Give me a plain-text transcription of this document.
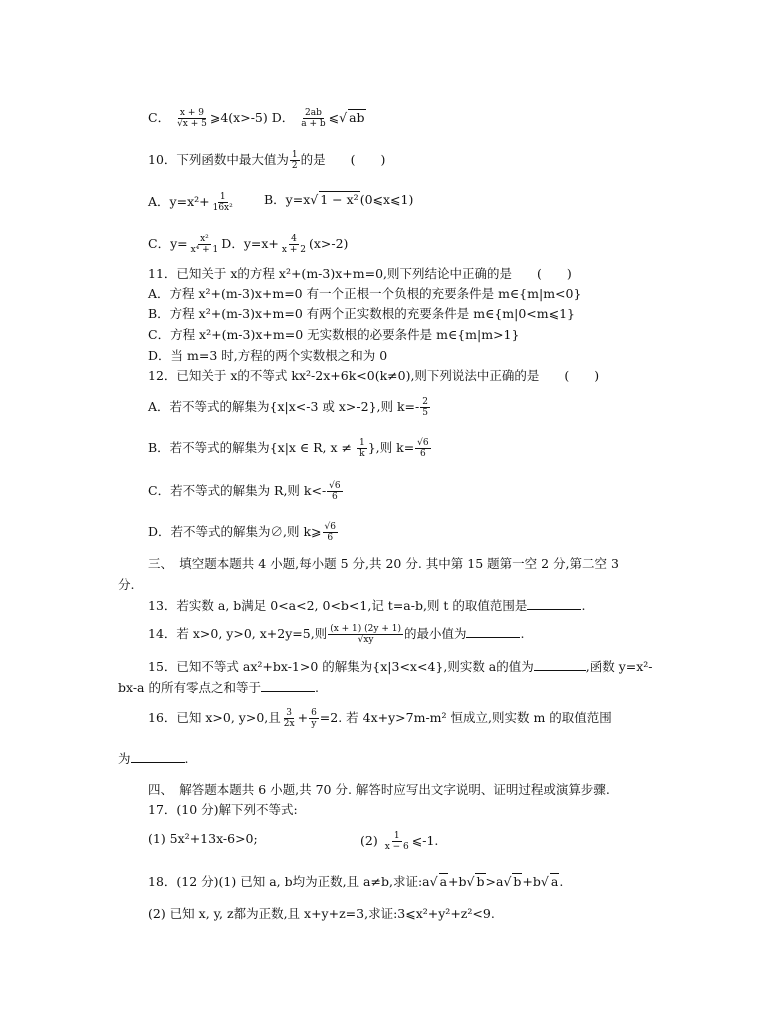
C． $\frac{x + 9}{√x + 5}$ ⩾4(x>-5) D． $\frac{2ab}{a + b}$ ⩽√ ab
10．下列函数中最大值为 $\frac{1}{2}$ 的是　　(　　)
A．$y=x^2+ \frac{1}{\text{16x²}}$ B．y=x√ 1 − x²(0⩽x⩽1)
C．$y= \frac{\text{x²}}{\text{x⁴ + 1}}$ D．$y=x+ \frac{4}{x + 2} (x>-2)$
11．已知关于 x的方程 x²+(m-3)x+m=0,则下列结论中正确的是　　(　　)
A．方程 x²+(m-3)x+m=0 有一个正根一个负根的充要条件是 m∈{m|m<0}
B．方程 x²+(m-3)x+m=0 有两个正实数根的充要条件是 m∈{m|0<m⩽1}
C．方程 x²+(m-3)x+m=0 无实数根的必要条件是 m∈{m|m>1}
D．当 m=3 时,方程的两个实数根之和为 0
12．已知关于 x的不等式 kx²-2x+6k<0(k≠0),则下列说法中正确的是　　(　　)
A．若不等式的解集为{x|x<-3 或 x>-2},则 $k=- \frac{2}{5}$
B．若不等式的解集为{x|x ∈ R, $x \ne \frac{1}{k}$ },则 $k= \frac{√6}{6}$
C．若不等式的解集为 R,则 $k<- \frac{√6}{6}$
D．若不等式的解集为∅,则 k⩾ $\frac{√6}{6}$
三、　填空题本题共 4 小题,每小题 5 分,共 20 分. 其中第 15 题第一空 2 分,第二空 3
分.
13．若实数 a, b满足 0<a<2, 0<b<1,记 t=a-b,则 t 的取值范围是	.
14．若 x>0, y>0, x+2y=5,则 $\frac{(x + 1) (2y + 1)}{√xy}$ 的最小值为	.
15．已知不等式 ax²+bx-1>0 的解集为{x|3<x<4},则实数 a的值为	,函数 y=x²-
bx-a 的所有零点之和等于	.
16．已知 x>0, y>0,且 $\frac{3}{2x} + \frac{6}{y} =2$. 若 4x+y>7m-m² 恒成立,则实数 m 的取值范围
为	.
四、　解答题本题共 6 小题,共 70 分. 解答时应写出文字说明、证明过程或演算步骤.
17．(10 分)解下列不等式:
(1) 5x²+13x-6>0;	$(2) \frac{1}{x - 6}$ ⩽-1.
18．(12 分)(1) 已知 a, b均为正数,且 a≠b,求证:a√ a+b√ b>a√ b+b√ a.
(2) 已知 x, y, z都为正数,且 x+y+z=3,求证:3⩽x²+y²+z²<9.
